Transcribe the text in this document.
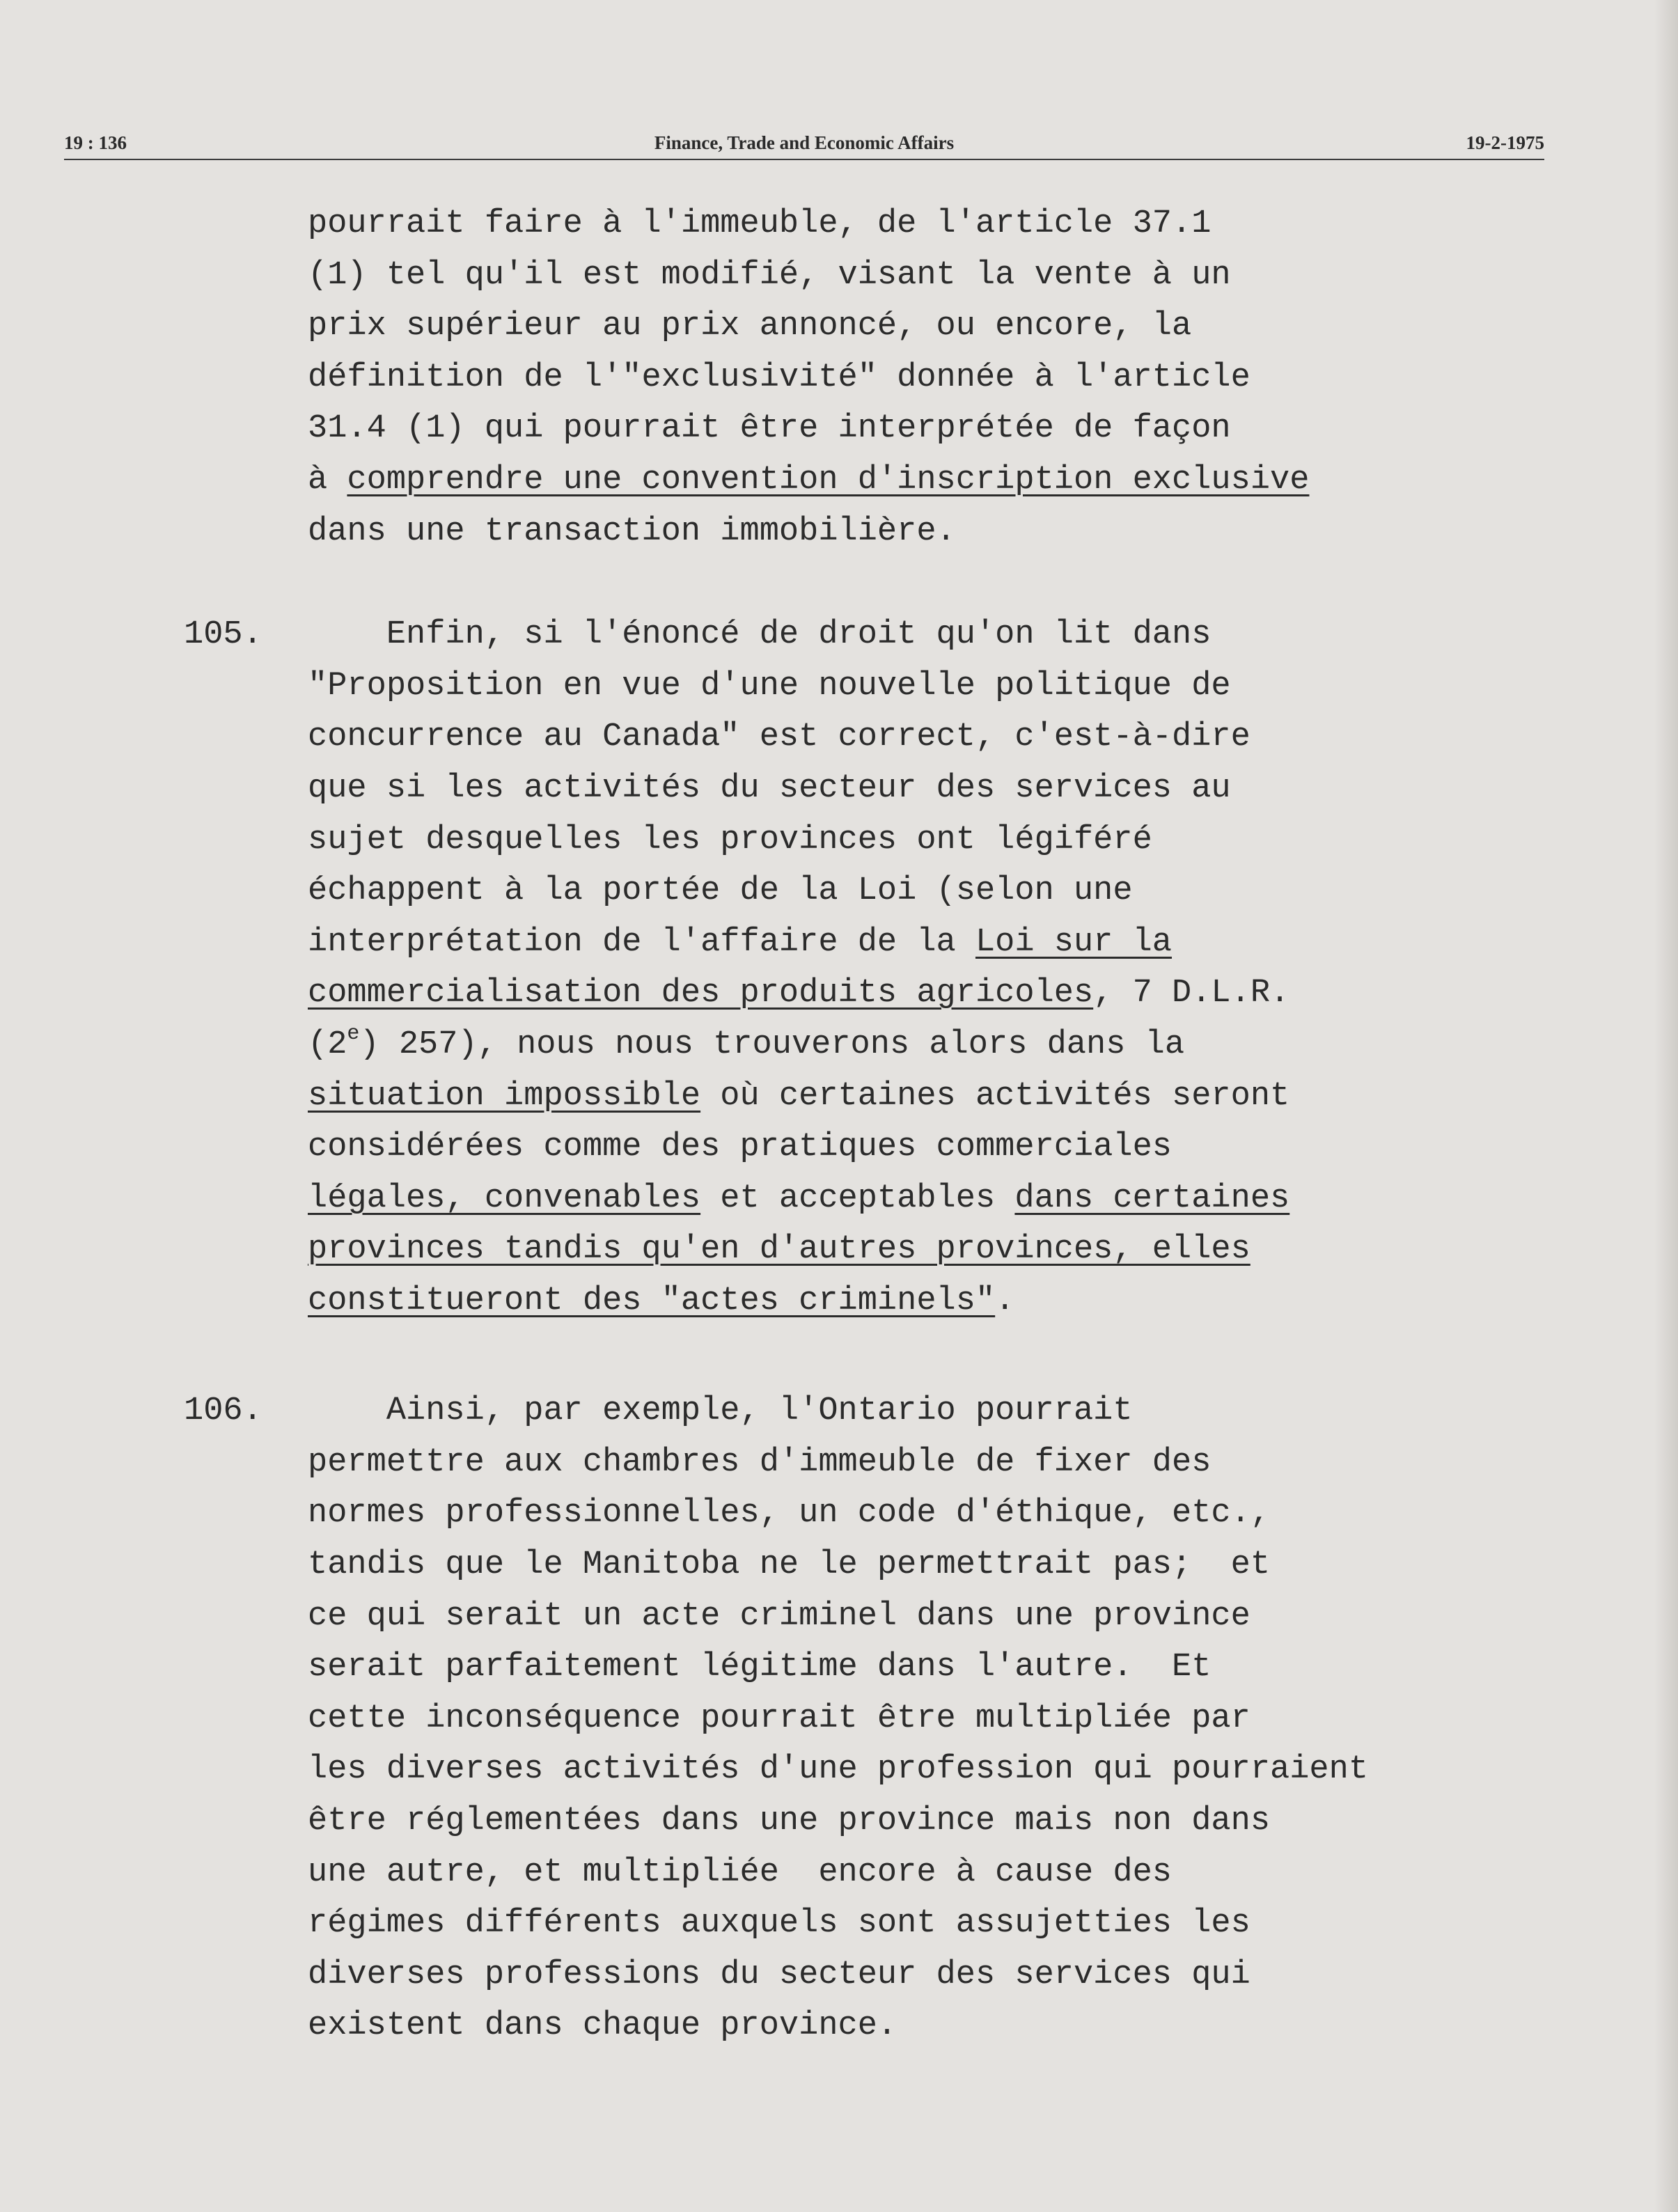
19 : 136	Finance, Trade and Economic Affairs	19-2-1975
pourrait faire à l'immeuble, de l'article 37.1
(1) tel qu'il est modifié, visant la vente à un
prix supérieur au prix annoncé, ou encore, la
définition de l'"exclusivité" donnée à l'article
31.4 (1) qui pourrait être interprétée de façon
à comprendre une convention d'inscription exclusive
dans une transaction immobilière.
105. Enfin, si l'énoncé de droit qu'on lit dans
"Proposition en vue d'une nouvelle politique de
concurrence au Canada" est correct, c'est-à-dire
que si les activités du secteur des services au
sujet desquelles les provinces ont légiféré
échappent à la portée de la Loi (selon une
interprétation de l'affaire de la Loi sur la
commercialisation des produits agricoles, 7 D.L.R.
(2e) 257), nous nous trouverons alors dans la
situation impossible où certaines activités seront
considérées comme des pratiques commerciales
légales, convenables et acceptables dans certaines
provinces tandis qu'en d'autres provinces, elles
constitueront des "actes criminels".
106. Ainsi, par exemple, l'Ontario pourrait
permettre aux chambres d'immeuble de fixer des
normes professionnelles, un code d'éthique, etc.,
tandis que le Manitoba ne le permettrait pas;  et
ce qui serait un acte criminel dans une province
serait parfaitement légitime dans l'autre.  Et
cette inconséquence pourrait être multipliée par
les diverses activités d'une profession qui pourraient
être réglementées dans une province mais non dans
une autre, et multipliée  encore à cause des
régimes différents auxquels sont assujetties les
diverses professions du secteur des services qui
existent dans chaque province.
